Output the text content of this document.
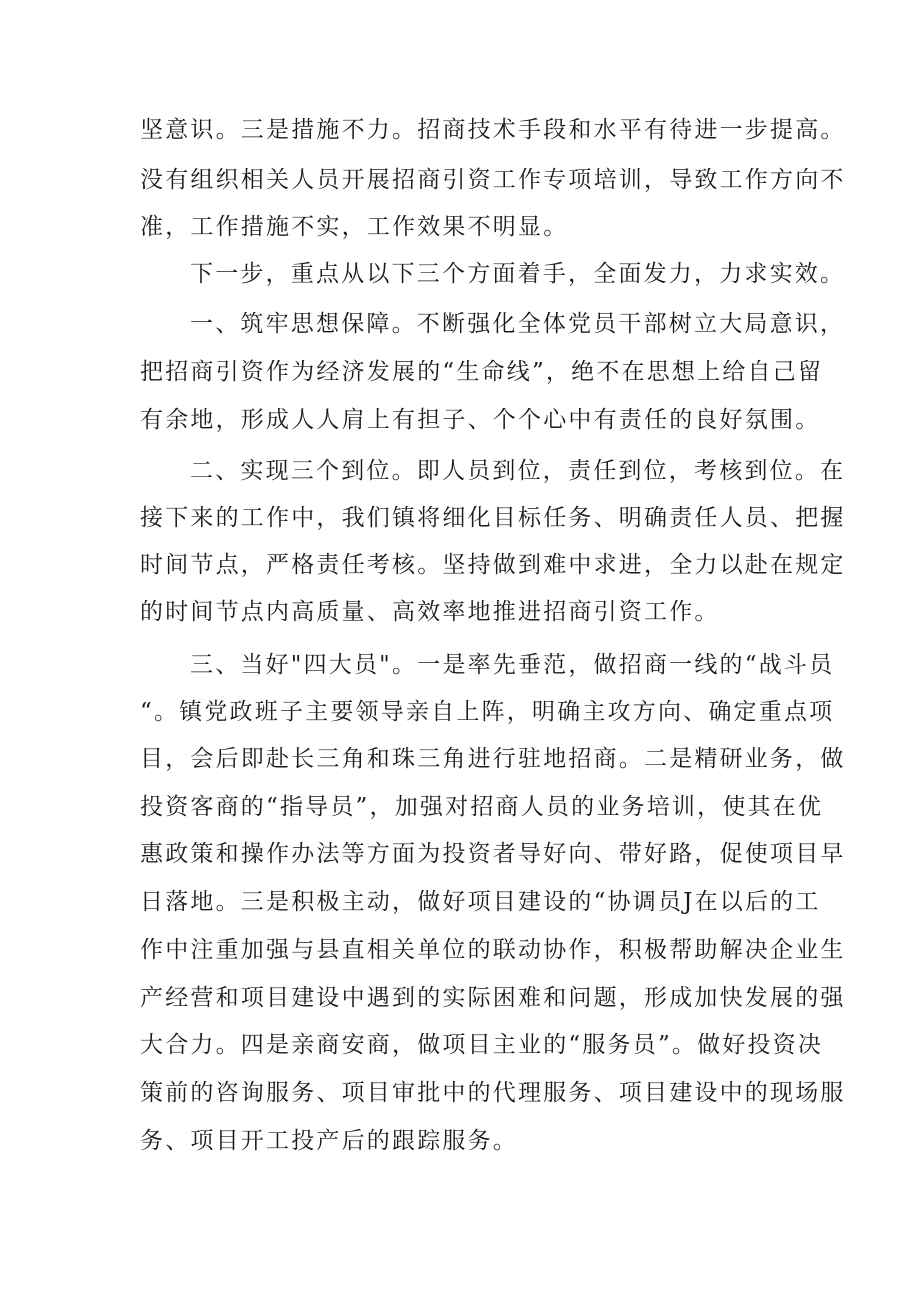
坚意识。三是措施不力。招商技术手段和水平有待进一步提高。
没有组织相关人员开展招商引资工作专项培训，导致工作方向不
准，工作措施不实，工作效果不明显。
下一步，重点从以下三个方面着手，全面发力，力求实效。
一、筑牢思想保障。不断强化全体党员干部树立大局意识，
把招商引资作为经济发展的“生命线”，绝不在思想上给自己留
有余地，形成人人肩上有担子、个个心中有责任的良好氛围。
二、实现三个到位。即人员到位，责任到位，考核到位。在
接下来的工作中，我们镇将细化目标任务、明确责任人员、把握
时间节点，严格责任考核。坚持做到难中求进，全力以赴在规定
的时间节点内高质量、高效率地推进招商引资工作。
三、当好"四大员"。一是率先垂范，做招商一线的“战斗员
“。镇党政班子主要领导亲自上阵，明确主攻方向、确定重点项
目，会后即赴长三角和珠三角进行驻地招商。二是精研业务，做
投资客商的“指导员”，加强对招商人员的业务培训，使其在优
惠政策和操作办法等方面为投资者导好向、带好路，促使项目早
日落地。三是积极主动，做好项目建设的“协调员J在以后的工
作中注重加强与县直相关单位的联动协作，积极帮助解决企业生
产经营和项目建设中遇到的实际困难和问题，形成加快发展的强
大合力。四是亲商安商，做项目主业的“服务员”。做好投资决
策前的咨询服务、项目审批中的代理服务、项目建设中的现场服
务、项目开工投产后的跟踪服务。
